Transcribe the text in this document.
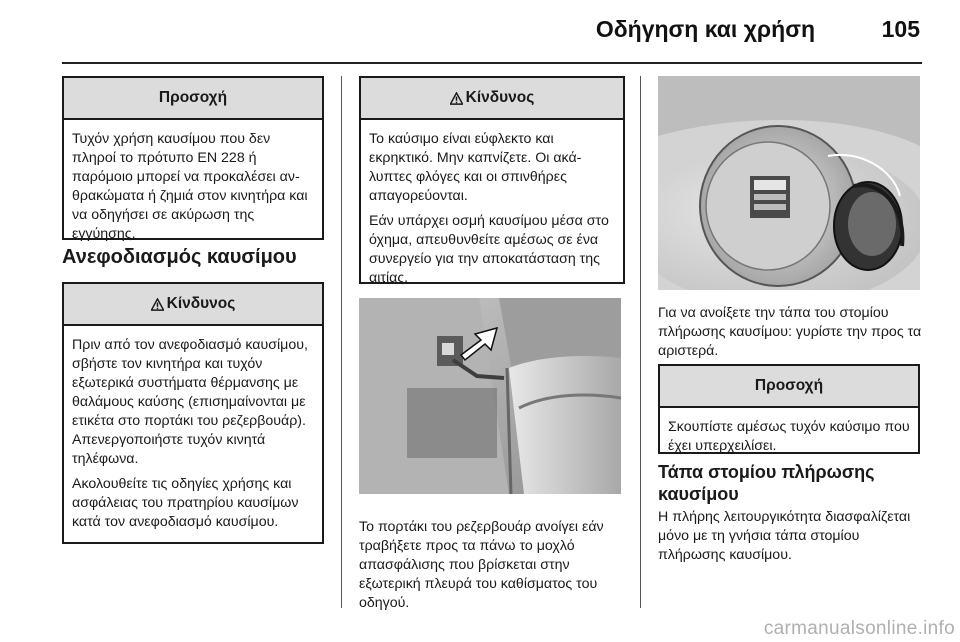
Οδήγηση και χρήση	105
Προσοχή

Τυχόν χρήση καυσίμου που δεν πληροί το πρότυπο EN 228 ή παρόμοιο μπορεί να προκαλέσει ανθρακώματα ή ζημιά στον κινητήρα και να οδηγήσει σε ακύρωση της εγγύησης.

Ανεφοδιασμός καυσίμου
Κίνδυνος

Πριν από τον ανεφοδιασμό καυσίμου, σβήστε τον κινητήρα και τυχόν εξωτερικά συστήματα θέρμανσης με θαλάμους καύσης (επισημαίνονται με ετικέτα στο πορτάκι του ρεζερβουάρ). Απενεργοποιήστε τυχόν κινητά τηλέφωνα.

Ακολουθείτε τις οδηγίες χρήσης και ασφάλειας του πρατηρίου καυσίμων κατά τον ανεφοδιασμό καυσίμου.

Κίνδυνος

Το καύσιμο είναι εύφλεκτο και εκρηκτικό. Μην καπνίζετε. Οι ακάλυπτες φλόγες και οι σπινθήρες απαγορεύονται.

Εάν υπάρχει οσμή καυσίμου μέσα στο όχημα, απευθυνθείτε αμέσως σε ένα συνεργείο για την αποκατάσταση της αιτίας.

Το πορτάκι του ρεζερβουάρ ανοίγει εάν τραβήξετε προς τα πάνω το μοχλό απασφάλισης που βρίσκεται στην εξωτερική πλευρά του καθίσματος του οδηγού.
Για να ανοίξετε την τάπα του στομίου πλήρωσης καυσίμου: γυρίστε την προς τα αριστερά.
Προσοχή

Σκουπίστε αμέσως τυχόν καύσιμο που έχει υπερχειλίσει.

Τάπα στομίου πλήρωσης καυσίμου
Η πλήρης λειτουργικότητα διασφαλίζεται μόνο με τη γνήσια τάπα στομίου πλήρωσης καυσίμου.
carmanualsonline.info
